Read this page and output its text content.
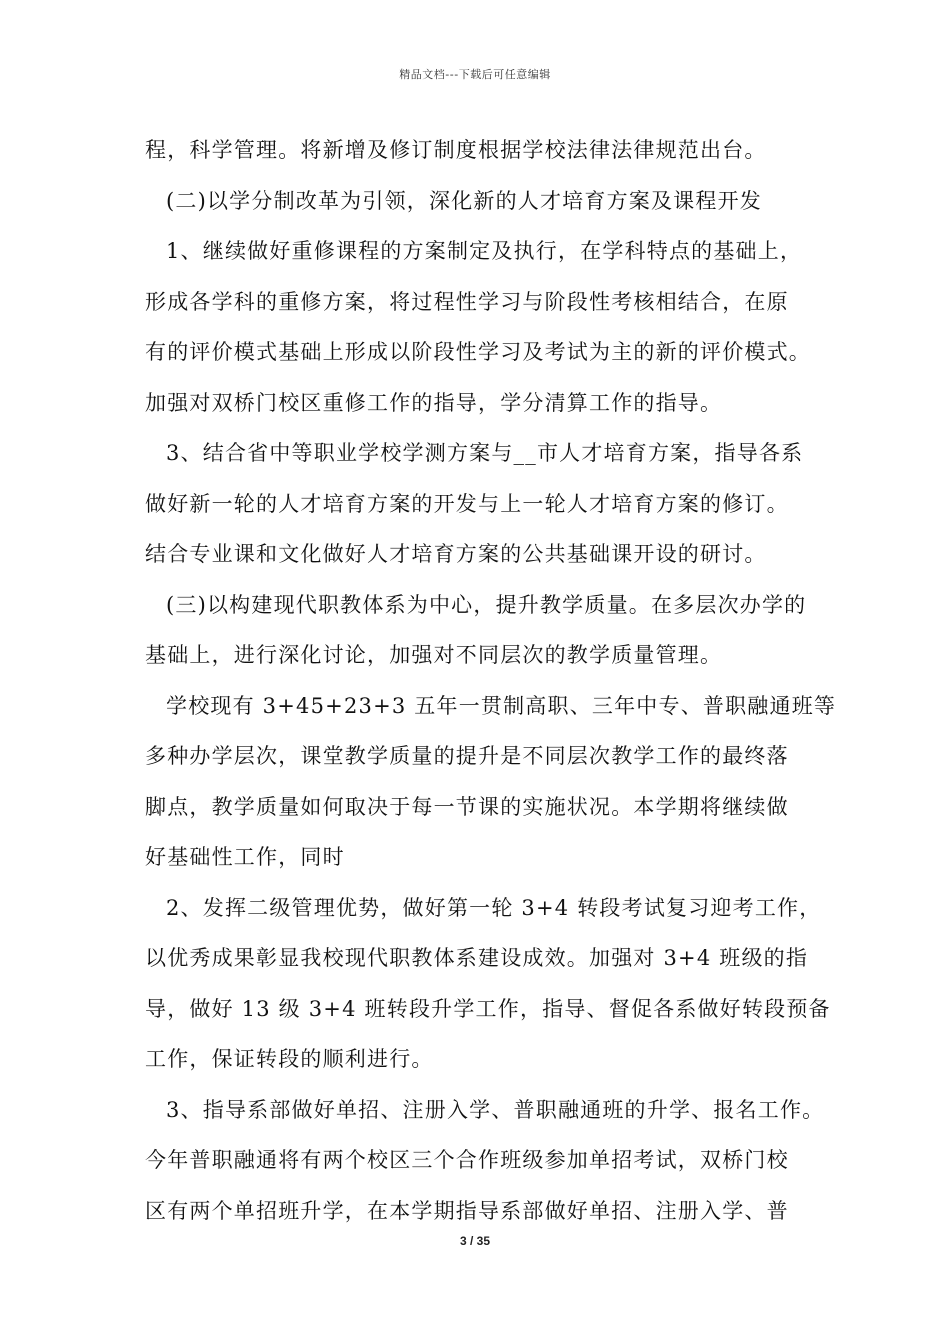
精品文档---下载后可任意编辑
程，科学管理。将新增及修订制度根据学校法律法律规范出台。
(二)以学分制改革为引领，深化新的人才培育方案及课程开发
1、继续做好重修课程的方案制定及执行，在学科特点的基础上，
形成各学科的重修方案，将过程性学习与阶段性考核相结合，在原
有的评价模式基础上形成以阶段性学习及考试为主的新的评价模式。
加强对双桥门校区重修工作的指导，学分清算工作的指导。
3、结合省中等职业学校学测方案与__市人才培育方案，指导各系
做好新一轮的人才培育方案的开发与上一轮人才培育方案的修订。
结合专业课和文化做好人才培育方案的公共基础课开设的研讨。
(三)以构建现代职教体系为中心，提升教学质量。在多层次办学的
基础上，进行深化讨论，加强对不同层次的教学质量管理。
学校现有 3+45+23+3 五年一贯制高职、三年中专、普职融通班等
多种办学层次，课堂教学质量的提升是不同层次教学工作的最终落
脚点，教学质量如何取决于每一节课的实施状况。本学期将继续做
好基础性工作，同时
2、发挥二级管理优势，做好第一轮 3+4 转段考试复习迎考工作，
以优秀成果彰显我校现代职教体系建设成效。加强对 3+4 班级的指
导，做好 13 级 3+4 班转段升学工作，指导、督促各系做好转段预备
工作，保证转段的顺利进行。
3、指导系部做好单招、注册入学、普职融通班的升学、报名工作。
今年普职融通将有两个校区三个合作班级参加单招考试，双桥门校
区有两个单招班升学，在本学期指导系部做好单招、注册入学、普
3 / 35
